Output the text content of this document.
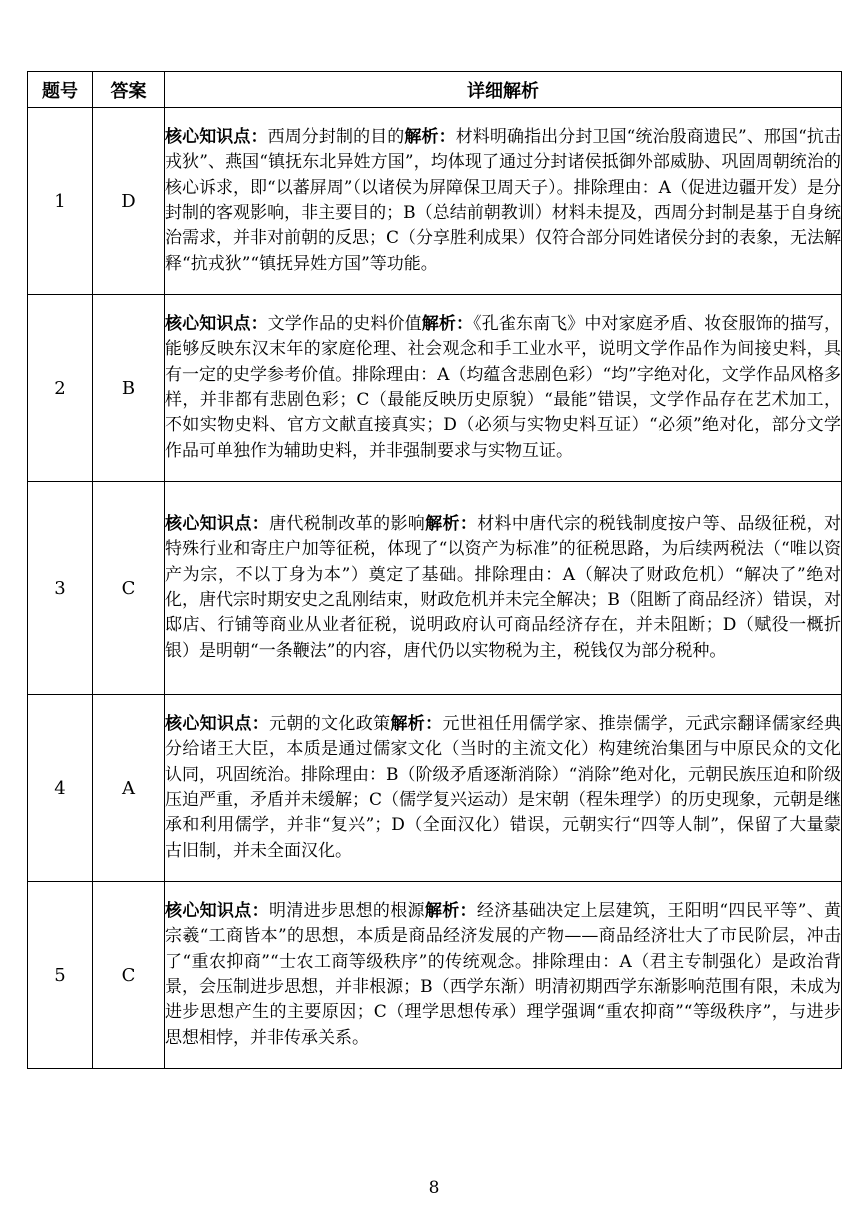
题号	答案	详细解析
1	D	核心知识点：西周分封制的目的解析：材料明确指出分封卫国“统治殷商遗民”、邢国“抗击戎狄”、燕国“镇抚东北异姓方国”，均体现了通过分封诸侯抵御外部威胁、巩固周朝统治的核心诉求，即“以蕃屏周”（以诸侯为屏障保卫周天子）。排除理由：A（促进边疆开发）是分封制的客观影响，非主要目的；B（总结前朝教训）材料未提及，西周分封制是基于自身统治需求，并非对前朝的反思；C（分享胜利成果）仅符合部分同姓诸侯分封的表象，无法解释“抗戎狄”“镇抚异姓方国”等功能。
2	B	核心知识点：文学作品的史料价值解析：《孔雀东南飞》中对家庭矛盾、妆奁服饰的描写，能够反映东汉末年的家庭伦理、社会观念和手工业水平，说明文学作品作为间接史料，具有一定的史学参考价值。排除理由：A（均蕴含悲剧色彩）“均”字绝对化，文学作品风格多样，并非都有悲剧色彩；C（最能反映历史原貌）“最能”错误，文学作品存在艺术加工，不如实物史料、官方文献直接真实；D（必须与实物史料互证）“必须”绝对化，部分文学作品可单独作为辅助史料，并非强制要求与实物互证。
3	C	核心知识点：唐代税制改革的影响解析：材料中唐代宗的税钱制度按户等、品级征税，对特殊行业和寄庄户加等征税，体现了“以资产为标准”的征税思路，为后续两税法（“唯以资产为宗，不以丁身为本”）奠定了基础。排除理由：A（解决了财政危机）“解决了”绝对化，唐代宗时期安史之乱刚结束，财政危机并未完全解决；B（阻断了商品经济）错误，对邸店、行铺等商业从业者征税，说明政府认可商品经济存在，并未阻断；D（赋役一概折银）是明朝“一条鞭法”的内容，唐代仍以实物税为主，税钱仅为部分税种。
4	A	核心知识点：元朝的文化政策解析：元世祖任用儒学家、推崇儒学，元武宗翻译儒家经典分给诸王大臣，本质是通过儒家文化（当时的主流文化）构建统治集团与中原民众的文化认同，巩固统治。排除理由：B（阶级矛盾逐渐消除）“消除”绝对化，元朝民族压迫和阶级压迫严重，矛盾并未缓解；C（儒学复兴运动）是宋朝（程朱理学）的历史现象，元朝是继承和利用儒学，并非“复兴”；D（全面汉化）错误，元朝实行“四等人制”，保留了大量蒙古旧制，并未全面汉化。
5	C	核心知识点：明清进步思想的根源解析：经济基础决定上层建筑，王阳明“四民平等”、黄宗羲“工商皆本”的思想，本质是商品经济发展的产物——商品经济壮大了市民阶层，冲击了“重农抑商”“士农工商等级秩序”的传统观念。排除理由：A（君主专制强化）是政治背景，会压制进步思想，并非根源；B（西学东渐）明清初期西学东渐影响范围有限，未成为进步思想产生的主要原因；C（理学思想传承）理学强调“重农抑商”“等级秩序”，与进步思想相悖，并非传承关系。
8
